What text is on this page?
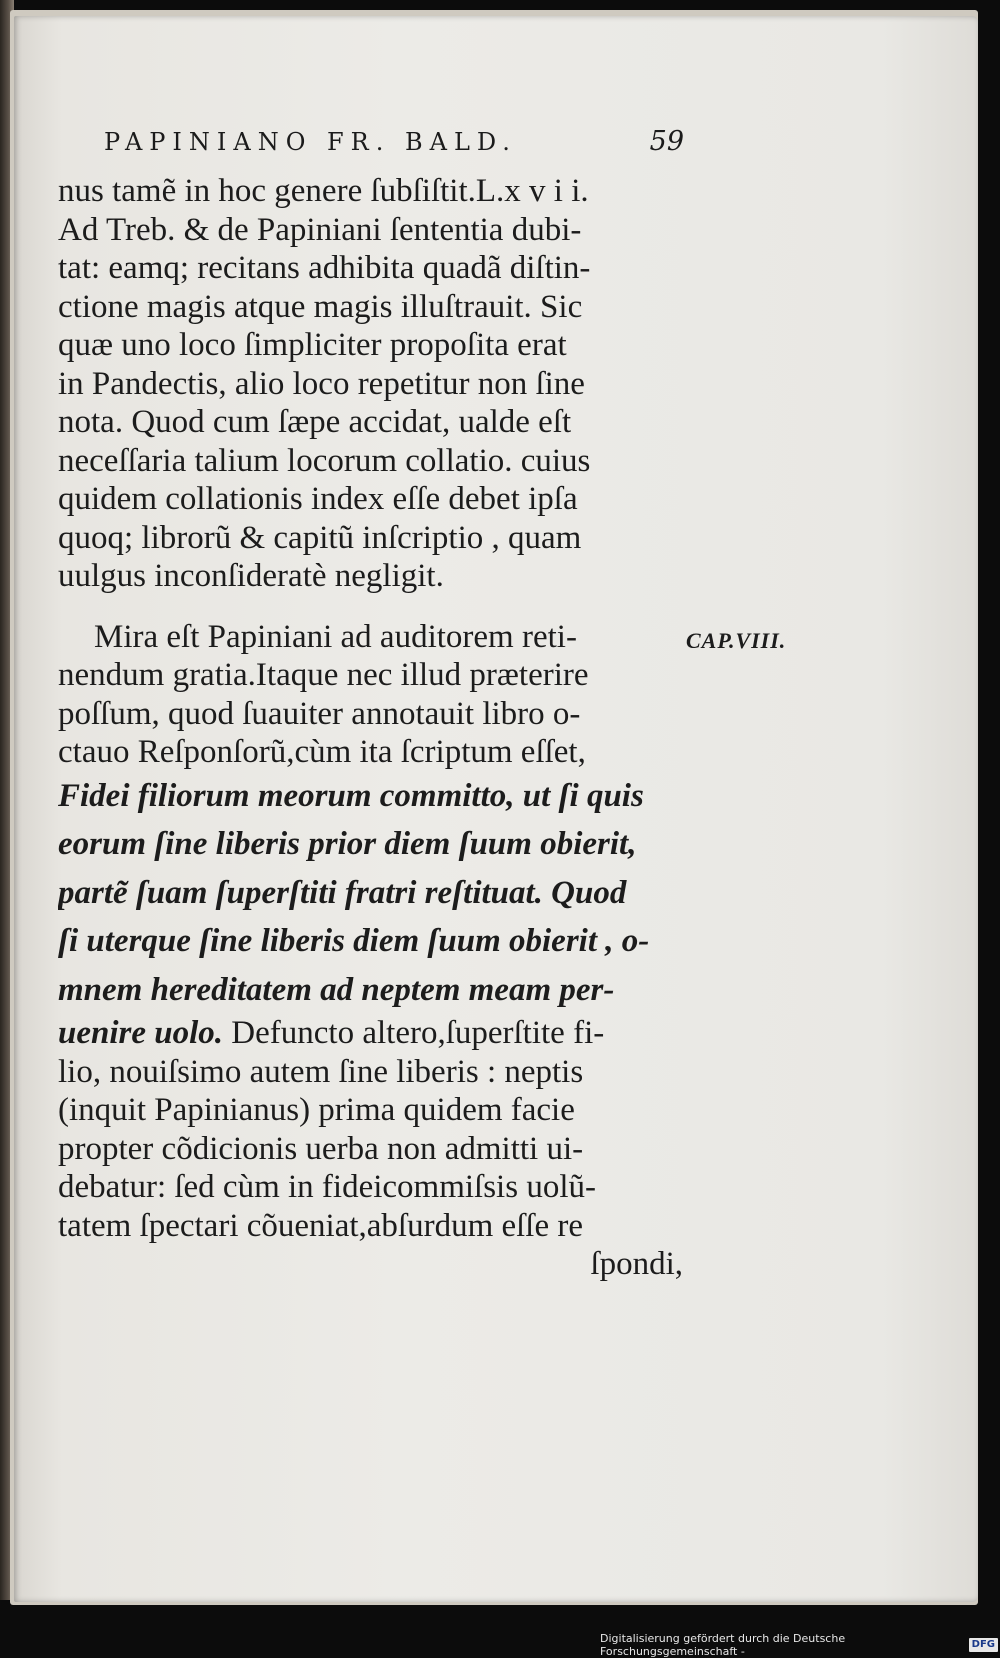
PAPINIANO FR. BALD.	59
nus tamẽ in hoc genere ſubſiſtit.L.x v i i.
Ad Treb. & de Papiniani ſententia dubi-
tat: eamq; recitans adhibita quadã diſtin-
ctione magis atque magis illuſtrauit. Sic
quæ uno loco ſimpliciter propoſita erat
in Pandectis, alio loco repetitur non ſine
nota. Quod cum ſæpe accidat, ualde eſt
neceſſaria talium locorum collatio. cuius
quidem collationis index eſſe debet ipſa
quoq; librorũ & capitũ inſcriptio , quam
uulgus inconſideratè negligit.
Mira eſt Papiniani ad auditorem reti-
nendum gratia.Itaque nec illud præterire
poſſum, quod ſuauiter annotauit libro o-
ctauo Reſponſorũ,cùm ita ſcriptum eſſet,
Fidei filiorum meorum committo, ut ſi quis
eorum ſine liberis prior diem ſuum obierit,
partẽ ſuam ſuperſtiti fratri reſtituat. Quod
ſi uterque ſine liberis diem ſuum obierit , o-
mnem hereditatem ad neptem meam per-
uenire uolo. Defuncto altero,ſuperſtite fi-
lio, nouiſsimo autem ſine liberis : neptis
(inquit Papinianus) prima quidem facie
propter cõdicionis uerba non admitti ui-
debatur: ſed cùm in fideicommiſsis uolũ-
tatem ſpectari cõueniat,abſurdum eſſe re
ſpondi,
CAP.VIII.
Digitalisierung gefördert durch die Deutsche Forschungsgemeinschaft -
DFG
